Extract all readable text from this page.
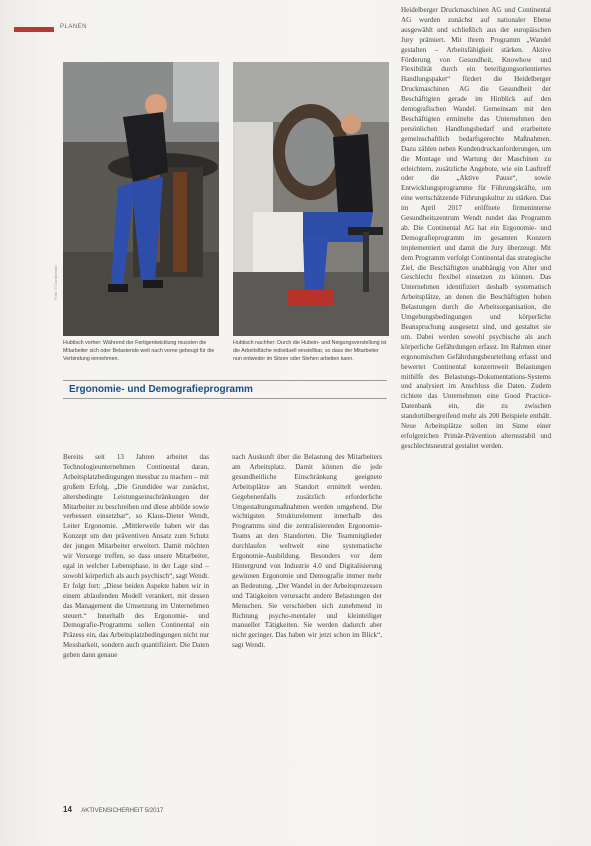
PLANEN
Foto: © Continental
Hubtisch vorher: Während der Fertigentwicklung mussten die Mitarbeiter sich oder Belastende weit nach vorne gebeugt für die Verbindung einnehmen.
Hubtisch nachher: Durch die Hubein- und Neigungsverstellung ist die Arbeitsfläche individuell einstellbar, so dass der Mitarbeiter nun entweder im Sitzen oder Stehen arbeiten kann.
Ergonomie- und Demografieprogramm

Bereits seit 13 Jahren arbeitet das Technologieunternehmen Continental daran, Arbeitsplatzbedingungen messbar zu machen – mit großem Erfolg. „Die Grundidee war zunächst, altersbedingte Leistungseinschränkungen der Mitarbeiter zu beschreiben und diese abbilde sowie verbessert einsetzbar“, so Klaus-Dieter Wendt, Leiter Ergonomie. „Mittlerweile haben wir das Konzept um den präventiven Ansatz zum Schutz der jungen Mitarbeiter erweitert. Damit möchten wir Vorsorge treffen, so dass unsere Mitarbeiter, egal in welcher Lebensphase, in der Lage sind – sowohl körperlich als auch psychisch“, sagt Wendt. Er folgt fort: „Diese beiden Aspekte haben wir in einem ablaufenden Modell verankert, mit dessen das Management die Umsetzung im Unternehmen steuert.“ Innerhalb des Ergonomie- und Demografie-Programms sollen Continental ein Präzess ein, das Arbeitsplatzbedingungen nicht nur Messbarkeit, sondern auch quantifiziert. Die Daten geben dann genaue

nach Auskunft über die Belastung des Mitarbeiters am Arbeitsplatz. Damit können die jede gesundheitliche Einschränkung geeignete Arbeitsplätze am Standort ermittelt werden. Gegebenenfalls zusätzlich erforderliche Umgestaltungsmaßnahmen werden umgehend. Die wichtigsten Strukturelement innerhalb des Programms sind die zentralisierenden Ergonomie-Teams an den Standorten. Die Teammitglieder durchlaufen weltweit eine systematische Ergonomie-Ausbildung. Besonders vor dem Hintergrund von Industrie 4.0 und Digitalisierung gewinnen Ergonomie und Demografie immer mehr an Bedeutung. „Der Wandel in der Arbeitsprozessen und Tätigkeiten verursacht andere Belastungen der Menschen. Sie verschieben sich zunehmend in Richtung psycho-mentaler und kleinteiliger manueller Tätigkeiten. Sie werden dadurch aber nicht geringer. Das haben wir jetzt schon im Blick“, sagt Wendt.

Heidelberger Druckmaschinen AG und Continental AG wurden zunächst auf nationaler Ebene ausgewählt und schließlich aus der europäischen Jury prämiert. Mit ihrem Programm „Wandel gestalten – Arbeitsfähigkeit stärken. Aktive Förderung von Gesundheit, Knowhow und Flexibilität durch ein beteiligungsorientiertes Handlungspaket“ fördert die Heidelberger Druckmaschinen AG die Gesundheit der Beschäftigten gerade im Hinblick auf den demografischen Wandel. Gemeinsam mit den Beschäftigten ermittelte das Unternehmen den persönlichen Handlungsbedarf und erarbeitete gemeinschaftlich bedarfsgerechte Maßnahmen. Dazu zählen neben Kundendruckanforderungen, um die Montage und Wartung der Maschinen zu erleichtern, zusätzliche Angebote, wie ein Lauftreff oder die „Aktive Pause“, sowie Entwicklungsprogramme für Führungskräfte, um eine wertschätzende Führungskultur zu stärken. Das im April 2017 eröffnete firmeninterne Gesundheitszentrum Wendt rundet das Programm ab. Die Continental AG hat ein Ergonomie- und Demografieprogramm im gesamten Konzern implementiert und damit die Jury überzeugt. Mit dem Programm verfolgt Continental das strategische Ziel, die Beschäftigten unabhängig von Alter und Geschlecht flexibel einsetzen zu können. Das Unternehmen identifiziert deshalb systematisch Arbeitsplätze, an denen die Beschäftigten hohen Belastungen durch die Arbeitsorganisation, die Umgebungsbedingungen und körperliche Beanspruchung ausgesetzt sind, und gestaltet sie um. Dabei werden sowohl psychische als auch körperliche Gefährdungen erfasst. Im Rahmen einer ergonomischen Gefährdungsbeurteilung erfasst und bewertet Continental konzernweit Belastungen mithilfe des Belastungs-Dokumentations-Systems und analysiert im Anschluss die Daten. Zudem richtete das Unternehmen eine Good Practice-Datenbank ein, die zu zwischen standortübergreifend mehr als 200 Beispiele enthält. Neue Arbeitsplätze sollen im Sinne einer erfolgreichen Primär-Prävention alternsstabil und geschlechtsneutral gestaltet werden.

14 AKTIVENSICHERHEIT 5/2017
